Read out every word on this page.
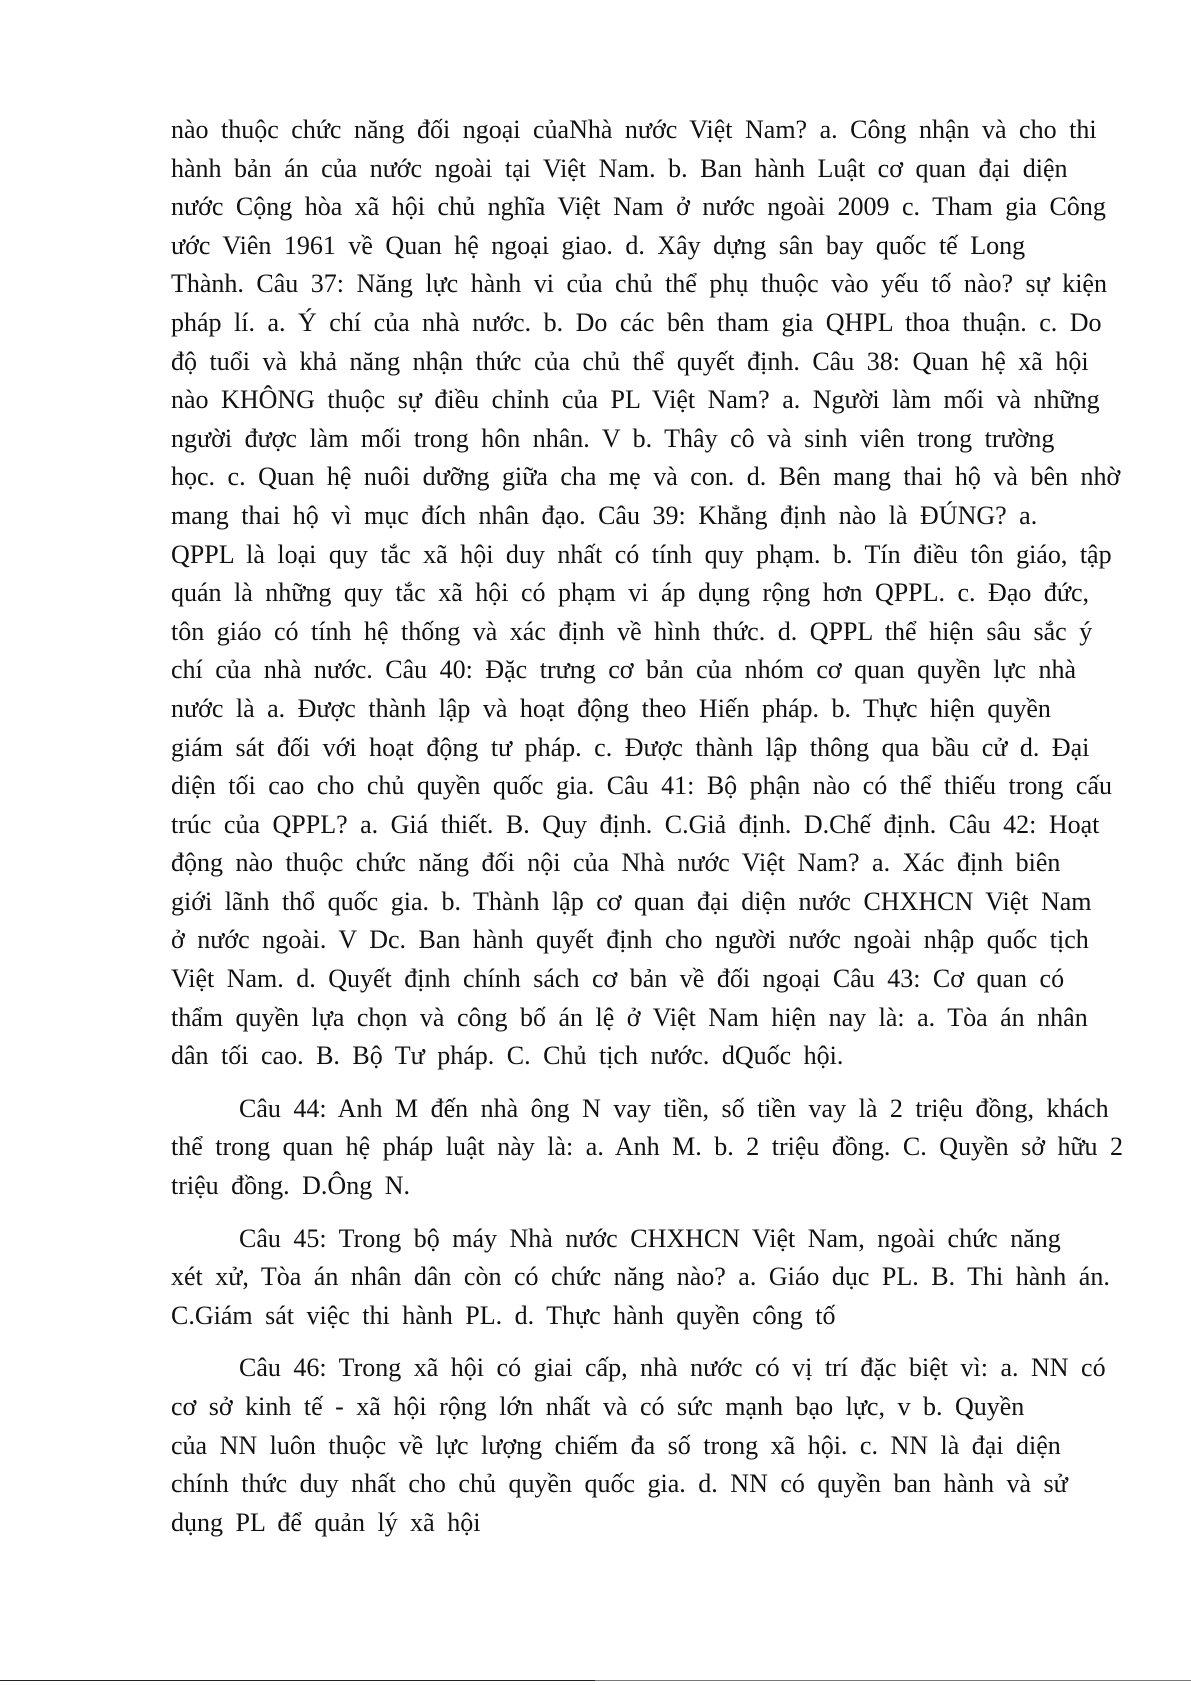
nào thuộc chức năng đối ngoại củaNhà nước Việt Nam? a. Công nhận và cho thi
hành bản án của nước ngoài tại Việt Nam. b. Ban hành Luật cơ quan đại diện
nước Cộng hòa xã hội chủ nghĩa Việt Nam ở nước ngoài 2009 c. Tham gia Công
ước Viên 1961 về Quan hệ ngoại giao. d. Xây dựng sân bay quốc tế Long
Thành. Câu 37: Năng lực hành vi của chủ thể phụ thuộc vào yếu tố nào? sự kiện
pháp lí. a. Ý chí của nhà nước. b. Do các bên tham gia QHPL thoa thuận. c. Do
độ tuổi và khả năng nhận thức của chủ thể quyết định. Câu 38: Quan hệ xã hội
nào KHÔNG thuộc sự điều chỉnh của PL Việt Nam? a. Người làm mối và những
người được làm mối trong hôn nhân. V b. Thây cô và sinh viên trong trường
học. c. Quan hệ nuôi dưỡng giữa cha mẹ và con. d. Bên mang thai hộ và bên nhờ
mang thai hộ vì mục đích nhân đạo. Câu 39: Khẳng định nào là ĐÚNG? a.
QPPL là loại quy tắc xã hội duy nhất có tính quy phạm. b. Tín điều tôn giáo, tập
quán là những quy tắc xã hội có phạm vi áp dụng rộng hơn QPPL. c. Đạo đức,
tôn giáo có tính hệ thống và xác định về hình thức. d. QPPL thể hiện sâu sắc ý
chí của nhà nước. Câu 40: Đặc trưng cơ bản của nhóm cơ quan quyền lực nhà
nước là a. Được thành lập và hoạt động theo Hiến pháp. b. Thực hiện quyền
giám sát đối với hoạt động tư pháp. c. Được thành lập thông qua bầu cử d. Đại
diện tối cao cho chủ quyền quốc gia. Câu 41: Bộ phận nào có thể thiếu trong cấu
trúc của QPPL? a. Giá thiết. B. Quy định. C.Giả định. D.Chế định. Câu 42: Hoạt
động nào thuộc chức năng đối nội của Nhà nước Việt Nam? a. Xác định biên
giới lãnh thổ quốc gia. b. Thành lập cơ quan đại diện nước CHXHCN Việt Nam
ở nước ngoài. V Dc. Ban hành quyết định cho người nước ngoài nhập quốc tịch
Việt Nam. d. Quyết định chính sách cơ bản về đối ngoại Câu 43: Cơ quan có
thẩm quyền lựa chọn và công bố án lệ ở Việt Nam hiện nay là: a. Tòa án nhân
dân tối cao. B. Bộ Tư pháp. C. Chủ tịch nước. dQuốc hội.
Câu 44: Anh M đến nhà ông N vay tiền, số tiền vay là 2 triệu đồng, khách
thể trong quan hệ pháp luật này là: a. Anh M. b. 2 triệu đồng. C. Quyền sở hữu 2
triệu đồng. D.Ông N.
Câu 45: Trong bộ máy Nhà nước CHXHCN Việt Nam, ngoài chức năng
xét xử, Tòa án nhân dân còn có chức năng nào? a. Giáo dục PL. B. Thi hành án.
C.Giám sát việc thi hành PL. d. Thực hành quyền công tố
Câu 46: Trong xã hội có giai cấp, nhà nước có vị trí đặc biệt vì: a. NN có
cơ sở kinh tế - xã hội rộng lớn nhất và có sức mạnh bạo lực, v b. Quyền
của NN luôn thuộc về lực lượng chiếm đa số trong xã hội. c. NN là đại diện
chính thức duy nhất cho chủ quyền quốc gia. d. NN có quyền ban hành và sử
dụng PL để quản lý xã hội
